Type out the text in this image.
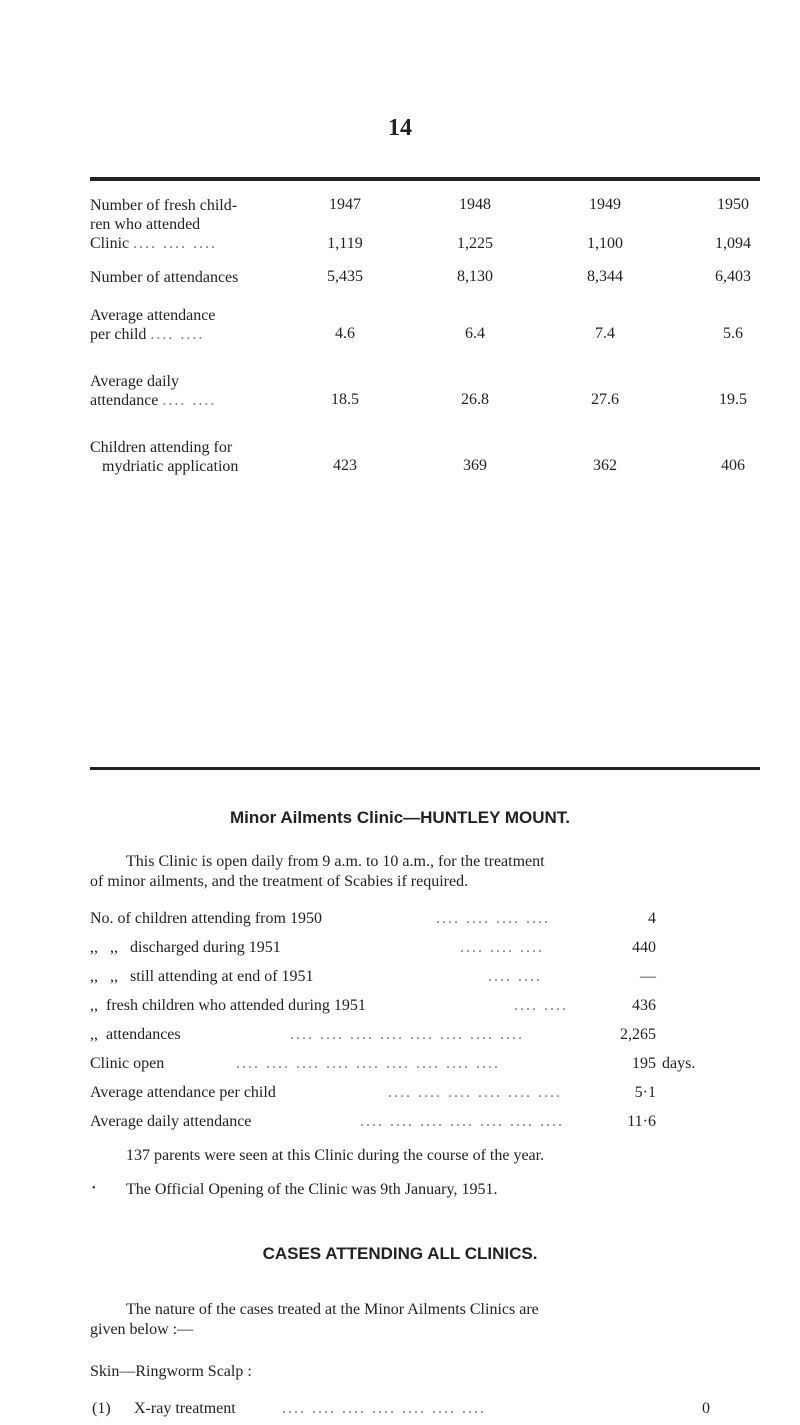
14
1947	1948	1949	1950
Number of fresh child-
ren who attended
Clinic .... .... ....	1,119	1,225	1,100	1,094
Number of attendances	5,435	8,130	8,344	6,403
Average attendance
per child .... ....	4.6	6.4	7.4	5.6
Average daily
attendance .... ....	18.5	26.8	27.6	19.5
Children attending for
mydriatic application	423	369	362	406
Minor Ailments Clinic—HUNTLEY MOUNT.
This Clinic is open daily from 9 a.m. to 10 a.m., for the treatment
of minor ailments, and the treatment of Scabies if required.
No. of children attending from 1950	.... .... .... ....	4
,,   ,,   discharged during 1951	.... .... ....	440
,,   ,,   still attending at end of 1951	.... ....	—
,,  fresh children who attended during 1951	.... ....	436
,,  attendances	.... .... .... .... .... .... .... ....	2,265
Clinic open	.... .... .... .... .... .... .... .... ....	195 days.
Average attendance per child	.... .... .... .... .... ....	5·1
Average daily attendance	.... .... .... .... .... .... ....	11·6
137 parents were seen at this Clinic during the course of the year.
•	The Official Opening of the Clinic was 9th January, 1951.
CASES ATTENDING ALL CLINICS.
The nature of the cases treated at the Minor Ailments Clinics are
given below :—
Skin—Ringworm Scalp :
(1) X-ray treatment	.... .... .... .... .... .... ....	0
